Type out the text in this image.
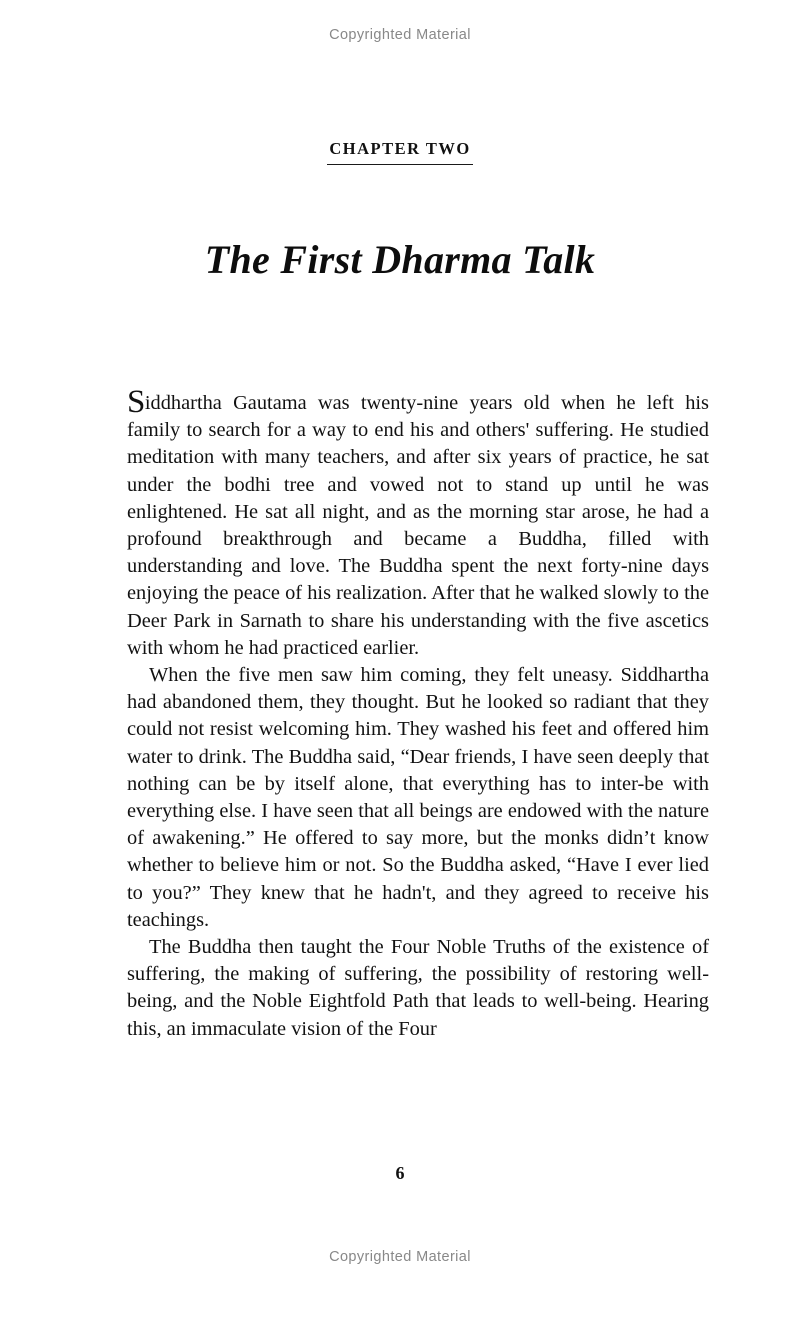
Copyrighted Material
CHAPTER TWO
The First Dharma Talk

Siddhartha Gautama was twenty-nine years old when he left his family to search for a way to end his and others' suffering. He studied meditation with many teachers, and after six years of practice, he sat under the bodhi tree and vowed not to stand up until he was enlightened. He sat all night, and as the morning star arose, he had a profound breakthrough and became a Buddha, filled with understanding and love. The Buddha spent the next forty-nine days enjoying the peace of his realization. After that he walked slowly to the Deer Park in Sarnath to share his understanding with the five ascetics with whom he had practiced earlier.

When the five men saw him coming, they felt uneasy. Siddhartha had abandoned them, they thought. But he looked so radiant that they could not resist welcoming him. They washed his feet and offered him water to drink. The Buddha said, “Dear friends, I have seen deeply that nothing can be by itself alone, that everything has to inter-be with everything else. I have seen that all beings are endowed with the nature of awakening.” He offered to say more, but the monks didn’t know whether to believe him or not. So the Buddha asked, “Have I ever lied to you?” They knew that he hadn't, and they agreed to receive his teachings.

The Buddha then taught the Four Noble Truths of the existence of suffering, the making of suffering, the possibility of restoring well-being, and the Noble Eightfold Path that leads to well-being. Hearing this, an immaculate vision of the Four

6
Copyrighted Material
